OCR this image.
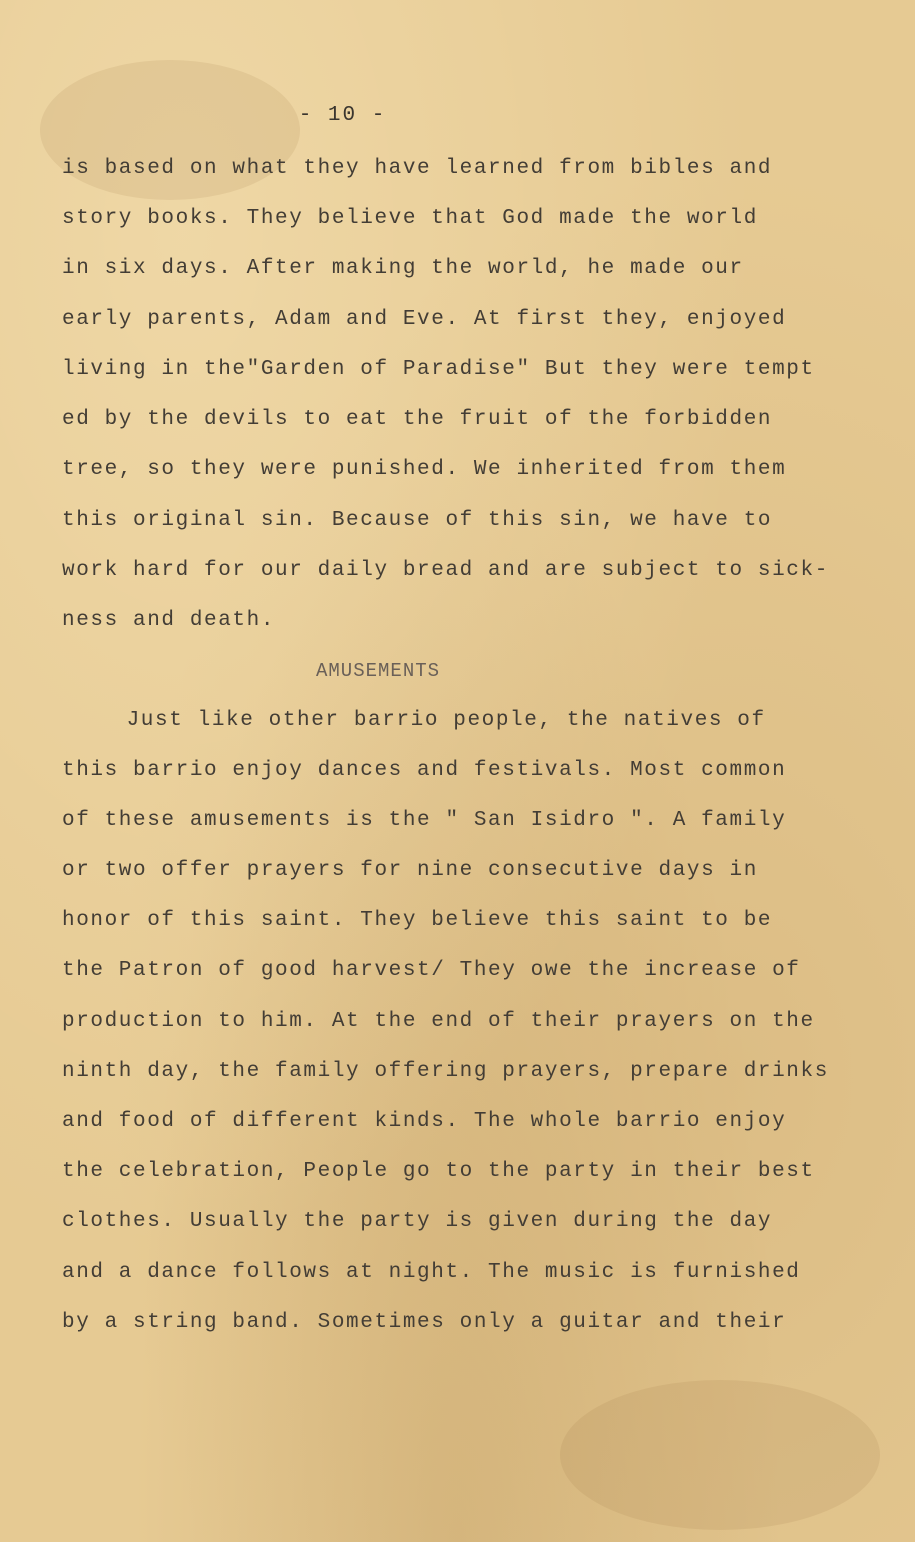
- 10 -
is based on what they have learned from bibles and
story books. They believe that God made the world
in six days. After making the world, he made our
early parents, Adam and Eve. At first they, enjoyed
living in the"Garden of Paradise" But they were tempt
ed by the devils to eat the fruit of the forbidden
tree, so they were punished. We inherited from them
this original sin. Because of this sin, we have to
work hard for our daily bread and are subject to sick-
ness and death.
AMUSEMENTS
Just like other barrio people, the natives of
this barrio enjoy dances and festivals. Most common
of these amusements is the " San Isidro ". A family
or two offer prayers for nine consecutive days in
honor of this saint. They believe this saint to be
the Patron of good harvest/ They owe the increase of
production to him. At the end of their prayers on the
ninth day, the family offering prayers, prepare drinks
and food of different kinds. The whole barrio enjoy
the celebration, People go to the party in their best
clothes. Usually the party is given during the day
and a dance follows at night. The music is furnished
by a string band. Sometimes only a guitar and their
